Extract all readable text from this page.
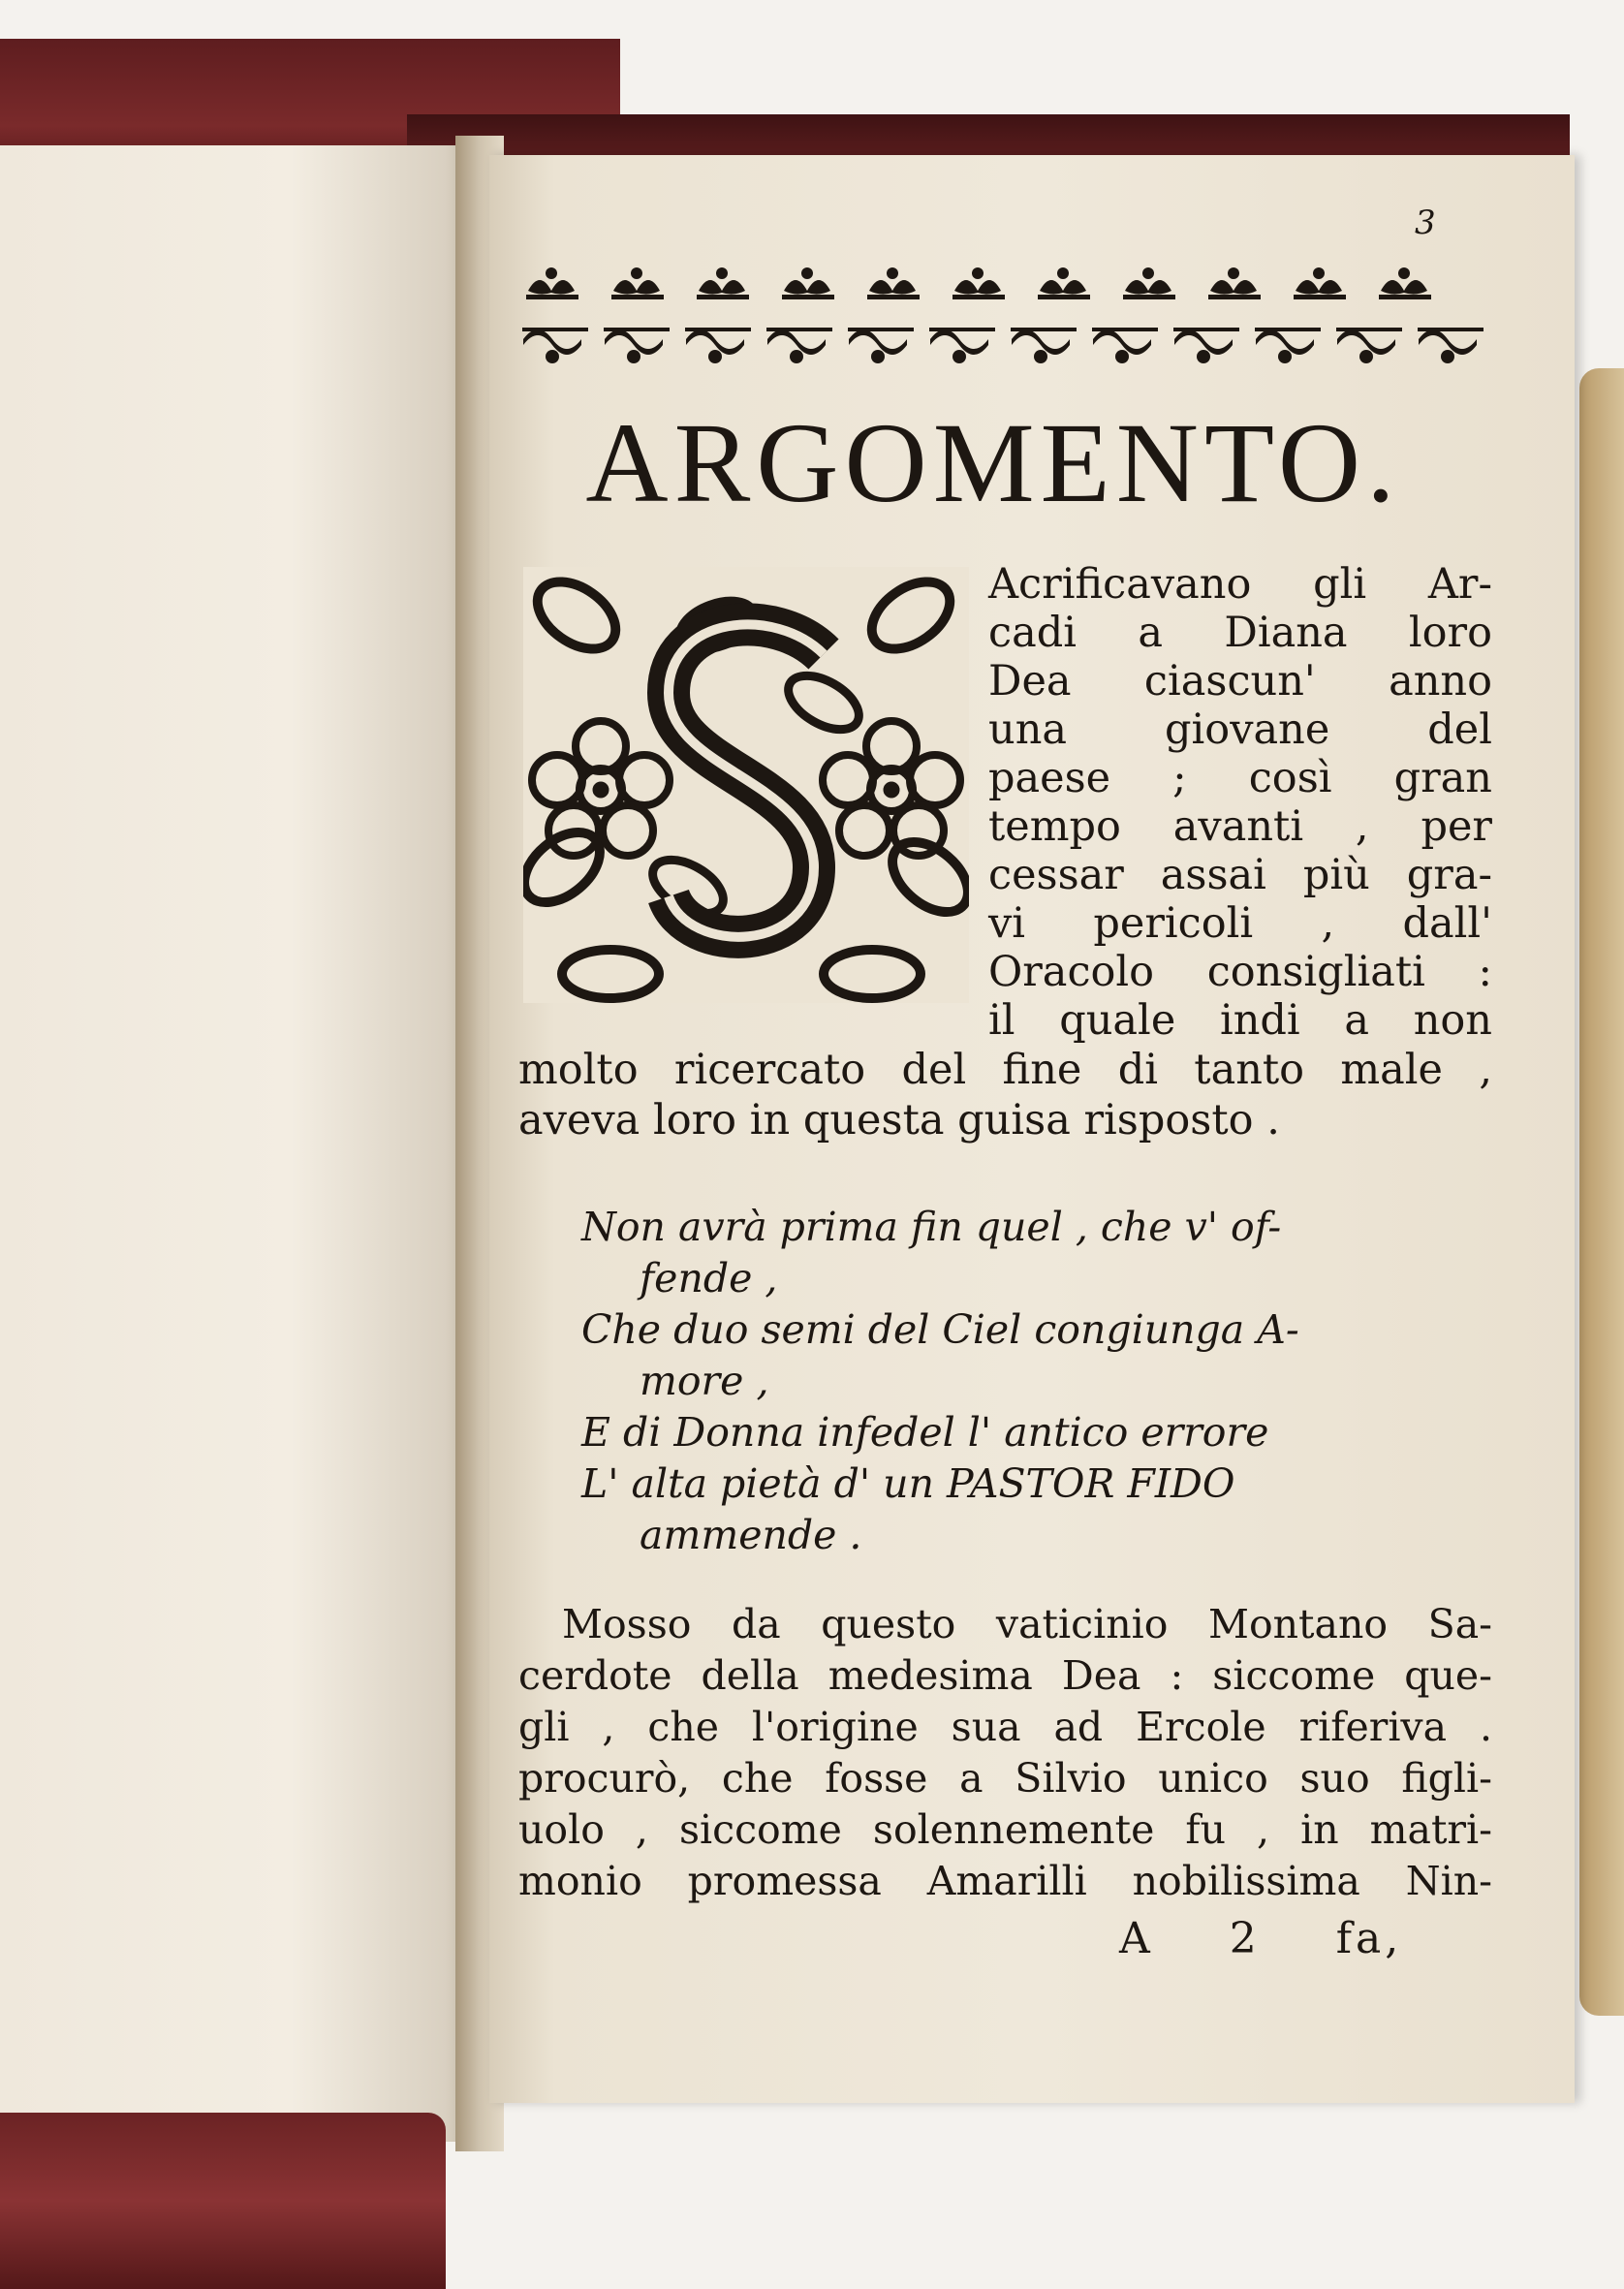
3
ARGOMENTO.
Acrificavano gli Ar-
cadi a Diana loro
Dea ciascun' anno
una giovane del
paese ; così gran
tempo avanti , per
cessar assai più gra-
vi pericoli , dall'
Oracolo consigliati :
il quale indi a non
molto ricercato del fine di tanto male ,
aveva loro in questa guisa risposto .
Non avrà prima fin quel , che v' of-
fende ,
Che duo semi del Ciel congiunga A-
more ,
E di Donna infedel l' antico errore
L' alta pietà d' un PASTOR FIDO
ammende .
Mosso da questo vaticinio Montano Sa-
cerdote della medesima Dea : siccome que-
gli , che l'origine sua ad Ercole riferiva .
procurò, che fosse a Silvio unico suo figli-
uolo , siccome solennemente fu , in matri-
monio promessa Amarilli nobilissima Nin-
A 2 fa,
